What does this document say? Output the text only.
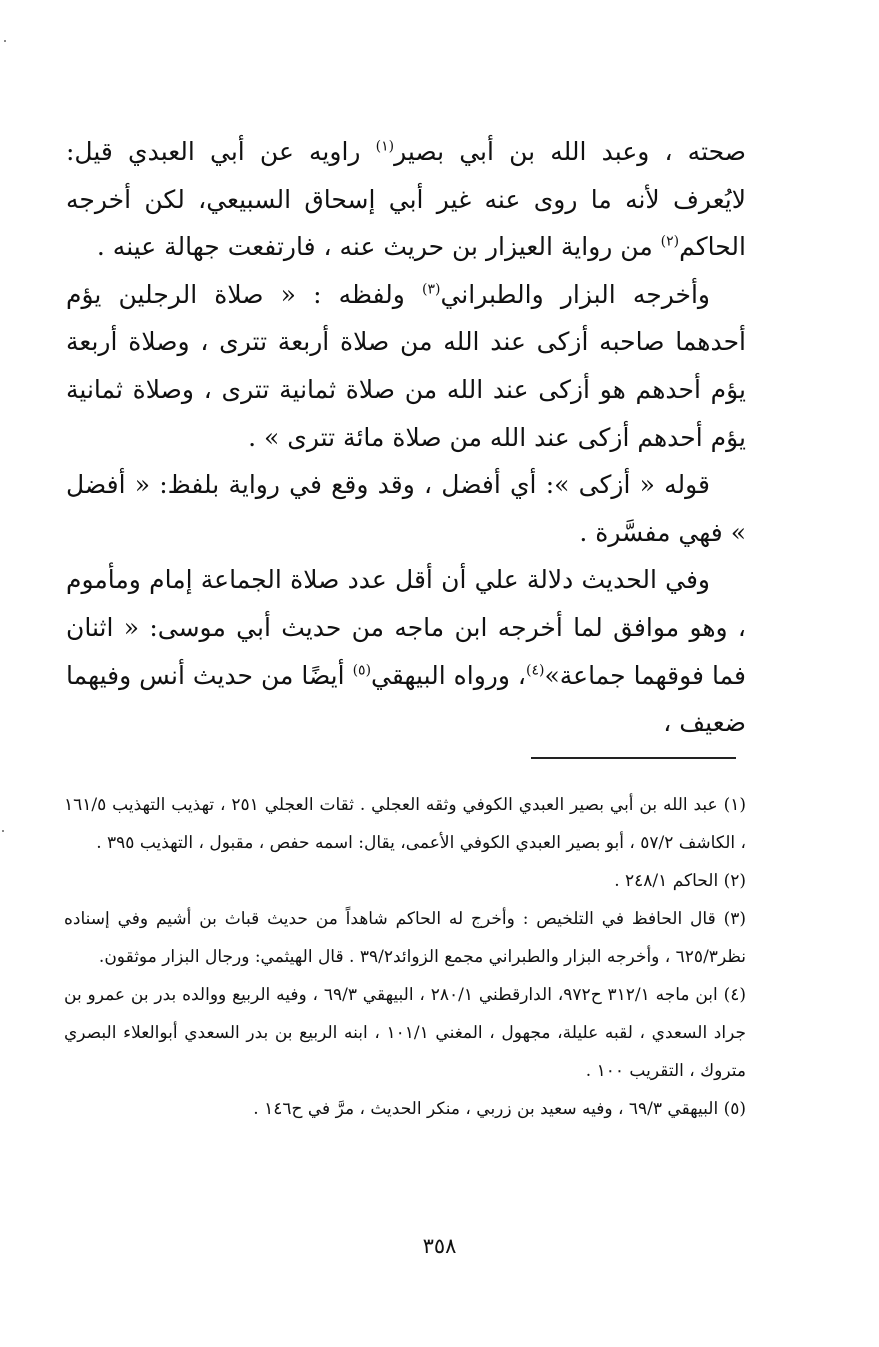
صحته ، وعبد الله بن أبي بصير$^{(١)}$ راويه عن أبي العبدي قيل: لايُعرف لأنه ما روى عنه غير أبي إسحاق السبيعي، لكن أخرجه الحاكم$^{(٢)}$ من رواية العيزار بن حريث عنه ، فارتفعت جهالة عينه .

وأخرجه البزار والطبراني$^{(٣)}$ ولفظه : « صلاة الرجلين يؤم أحدهما صاحبه أزكى عند الله من صلاة أربعة تترى ، وصلاة أربعة يؤم أحدهم هو أزكى عند الله من صلاة ثمانية تترى ، وصلاة ثمانية يؤم أحدهم أزكى عند الله من صلاة مائة تترى » .

قوله « أزكى »: أي أفضل ، وقد وقع في رواية بلفظ: « أفضل » فهي مفسَّرة .

وفي الحديث دلالة علي أن أقل عدد صلاة الجماعة إمام ومأموم ، وهو موافق لما أخرجه ابن ماجه من حديث أبي موسى: « اثنان فما فوقهما جماعة»$^{(٤)}$، ورواه البيهقي$^{(٥)}$ أيضًا من حديث أنس وفيهما ضعيف ،

(١) عبد الله بن أبي بصير العبدي الكوفي وثقه العجلي . ثقات العجلي ٢٥١ ، تهذيب التهذيب ١٦١/٥ ، الكاشف ٥٧/٢ ، أبو بصير العبدي الكوفي الأعمى، يقال: اسمه حفص ، مقبول ، التهذيب ٣٩٥ .

(٢) الحاكم ٢٤٨/١ .

(٣) قال الحافظ في التلخيص : وأخرج له الحاكم شاهداً من حديث قباث بن أشيم وفي إسناده نظر٦٢٥/٣ ، وأخرجه البزار والطبراني مجمع الزوائد٣٩/٢ . قال الهيثمي: ورجال البزار موثقون.

(٤) ابن ماجه ٣١٢/١ ح٩٧٢، الدارقطني ٢٨٠/١ ، البيهقي ٦٩/٣ ، وفيه الربيع ووالده بدر بن عمرو بن جراد السعدي ، لقبه عليلة، مجهول ، المغني ١٠١/١ ، ابنه الربيع بن بدر السعدي أبوالعلاء البصري متروك ، التقريب ١٠٠ .

(٥) البيهقي ٦٩/٣ ، وفيه سعيد بن زربي ، منكر الحديث ، مرَّ في ح١٤٦ .

٣٥٨
